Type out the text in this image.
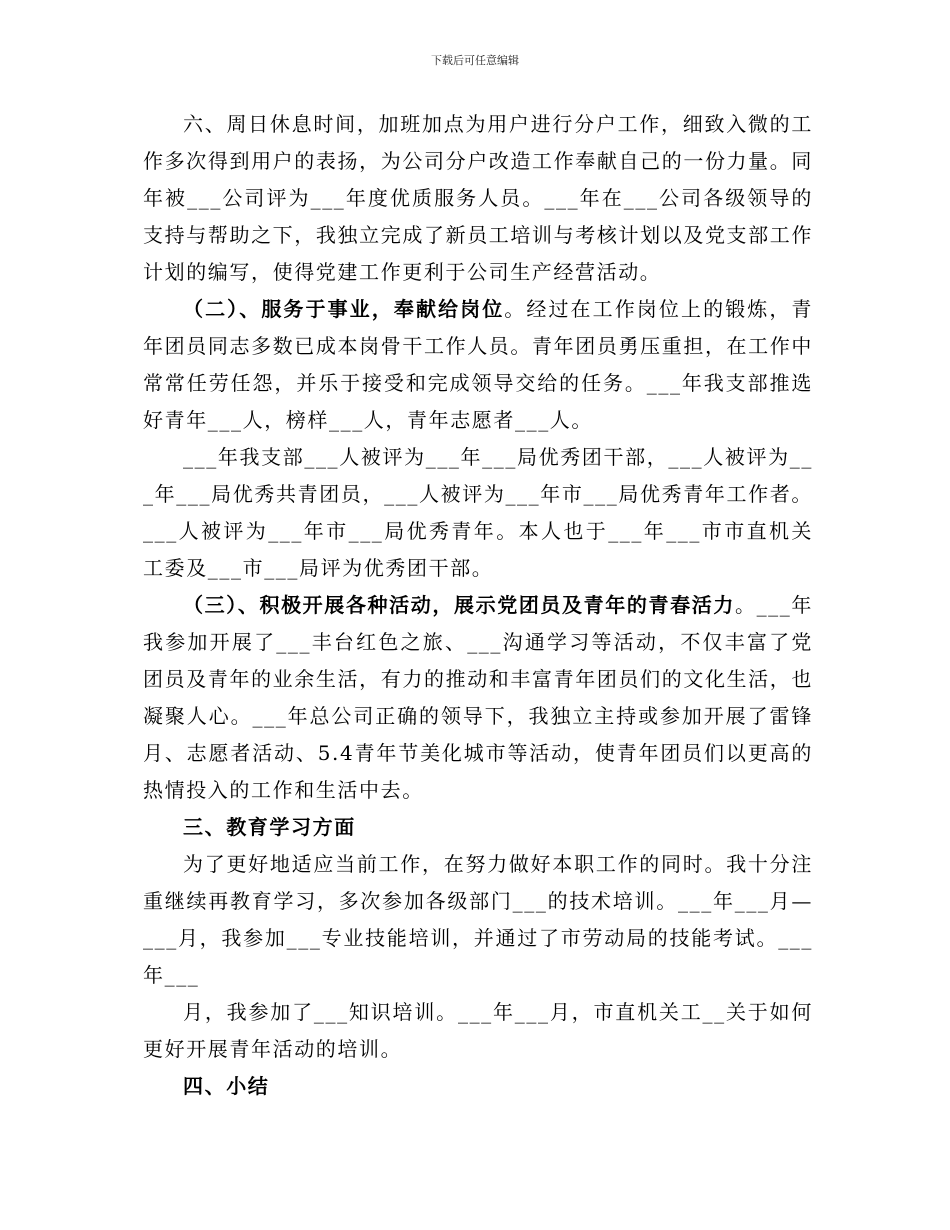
下载后可任意编辑

六、周日休息时间，加班加点为用户进行分户工作，细致入微的工作多次得到用户的表扬，为公司分户改造工作奉献自己的一份力量。同年被___公司评为___年度优质服务人员。___年在___公司各级领导的支持与帮助之下，我独立完成了新员工培训与考核计划以及党支部工作计划的编写，使得党建工作更利于公司生产经营活动。

（二）、服务于事业，奉献给岗位。经过在工作岗位上的锻炼，青年团员同志多数已成本岗骨干工作人员。青年团员勇压重担，在工作中常常任劳任怨，并乐于接受和完成领导交给的任务。___年我支部推选好青年___人，榜样___人，青年志愿者___人。

___年我支部___人被评为___年___局优秀团干部，___人被评为___年___局优秀共青团员，___人被评为___年市___局优秀青年工作者。___人被评为___年市___局优秀青年。本人也于___年___市市直机关工委及___市___局评为优秀团干部。

（三）、积极开展各种活动，展示党团员及青年的青春活力。___年我参加开展了___丰台红色之旅、___沟通学习等活动，不仅丰富了党团员及青年的业余生活，有力的推动和丰富青年团员们的文化生活，也凝聚人心。___年总公司正确的领导下，我独立主持或参加开展了雷锋月、志愿者活动、5.4青年节美化城市等活动，使青年团员们以更高的热情投入的工作和生活中去。

三、教育学习方面

为了更好地适应当前工作，在努力做好本职工作的同时。我十分注重继续再教育学习，多次参加各级部门___的技术培训。___年___月—___月，我参加___专业技能培训，并通过了市劳动局的技能考试。___年___

月，我参加了___知识培训。___年___月，市直机关工__关于如何更好开展青年活动的培训。

四、小结
